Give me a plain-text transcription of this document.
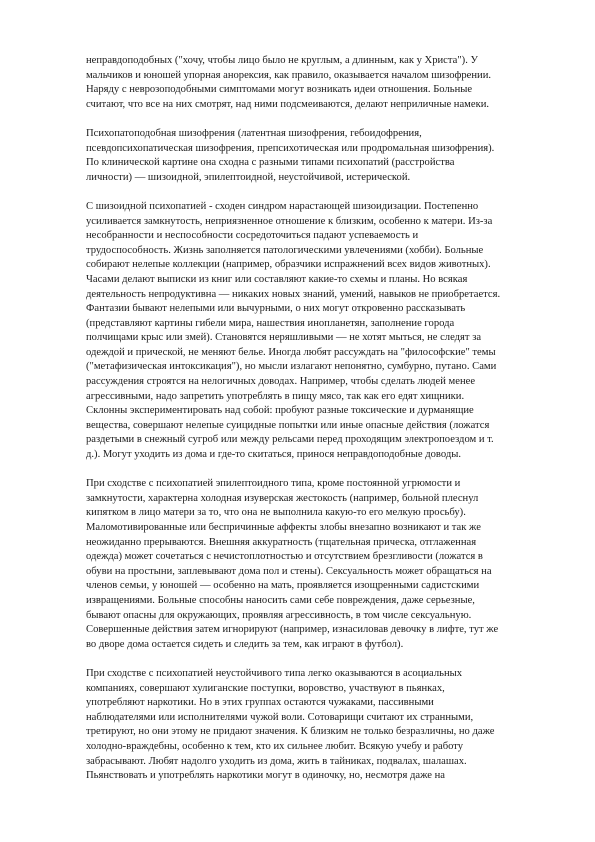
неправдоподобных ("хочу, чтобы лицо было не круглым, а длинным, как у Христа"). У
мальчиков и юношей упорная анорексия, как правило, оказывается началом шизофрении.
Наряду с неврозоподобными симптомами могут возникать идеи отношения. Больные
считают, что все на них смотрят, над ними подсмеиваются, делают неприличные намеки.

Психопатоподобная шизофрения (латентная шизофрения, гебоидофрения,
псевдопсихопатическая шизофрения, препсихотическая или продромальная шизофрения).
По клинической картине она сходна с разными типами психопатий (расстройства
личности) — шизоидной, эпилептоидной, неустойчивой, истерической.

С шизоидной психопатией - сходен синдром нарастающей шизоидизации. Постепенно
усиливается замкнутость, неприязненное отношение к близким, особенно к матери. Из-за
несобранности и неспособности сосредоточиться падают успеваемость и
трудоспособность. Жизнь заполняется патологическими увлечениями (хобби). Больные
собирают нелепые коллекции (например, образчики испражнений всех видов животных).
Часами делают выписки из книг или составляют какие-то схемы и планы. Но всякая
деятельность непродуктивна — никаких новых знаний, умений, навыков не приобретается.
Фантазии бывают нелепыми или вычурными, о них могут откровенно рассказывать
(представляют картины гибели мира, нашествия инопланетян, заполнение города
полчищами крыс или змей). Становятся неряшливыми — не хотят мыться, не следят за
одеждой и прической, не меняют белье. Иногда любят рассуждать на "философские" темы
("метафизическая интоксикация"), но мысли излагают непонятно, сумбурно, путано. Сами
рассуждения строятся на нелогичных доводах. Например, чтобы сделать людей менее
агрессивными, надо запретить употреблять в пищу мясо, так как его едят хищники.
Склонны экспериментировать над собой: пробуют разные токсические и дурманящие
вещества, совершают нелепые суицидные попытки или иные опасные действия (ложатся
раздетыми в снежный сугроб или между рельсами перед проходящим электропоездом и т.
д.). Могут уходить из дома и где-то скитаться, принося неправдоподобные доводы.

При сходстве с психопатией эпилептоидного типа, кроме постоянной угрюмости и
замкнутости, характерна холодная изуверская жестокость (например, больной плеснул
кипятком в лицо матери за то, что она не выполнила какую-то его мелкую просьбу).
Маломотивированные или беспричинные аффекты злобы внезапно возникают и так же
неожиданно прерываются. Внешняя аккуратность (тщательная прическа, отглаженная
одежда) может сочетаться с нечистоплотностью и отсутствием брезгливости (ложатся в
обуви на простыни, заплевывают дома пол и стены). Сексуальность может обращаться на
членов семьи, у юношей — особенно на мать, проявляется изощренными садистскими
извращениями. Больные способны наносить сами себе повреждения, даже серьезные,
бывают опасны для окружающих, проявляя агрессивность, в том числе сексуальную.
Совершенные действия затем игнорируют (например, изнасиловав девочку в лифте, тут же
во дворе дома остается сидеть и следить за тем, как играют в футбол).

При сходстве с психопатией неустойчивого типа легко оказываются в асоциальных
компаниях, совершают хулиганские поступки, воровство, участвуют в пьянках,
употребляют наркотики. Но в этих группах остаются чужаками, пассивными
наблюдателями или исполнителями чужой воли. Сотоварищи считают их странными,
третируют, но они этому не придают значения. К близким не только безразличны, но даже
холодно-враждебны, особенно к тем, кто их сильнее любит. Всякую учебу и работу
забрасывают. Любят надолго уходить из дома, жить в тайниках, подвалах, шалашах.
Пьянствовать и употреблять наркотики могут в одиночку, но, несмотря даже на
